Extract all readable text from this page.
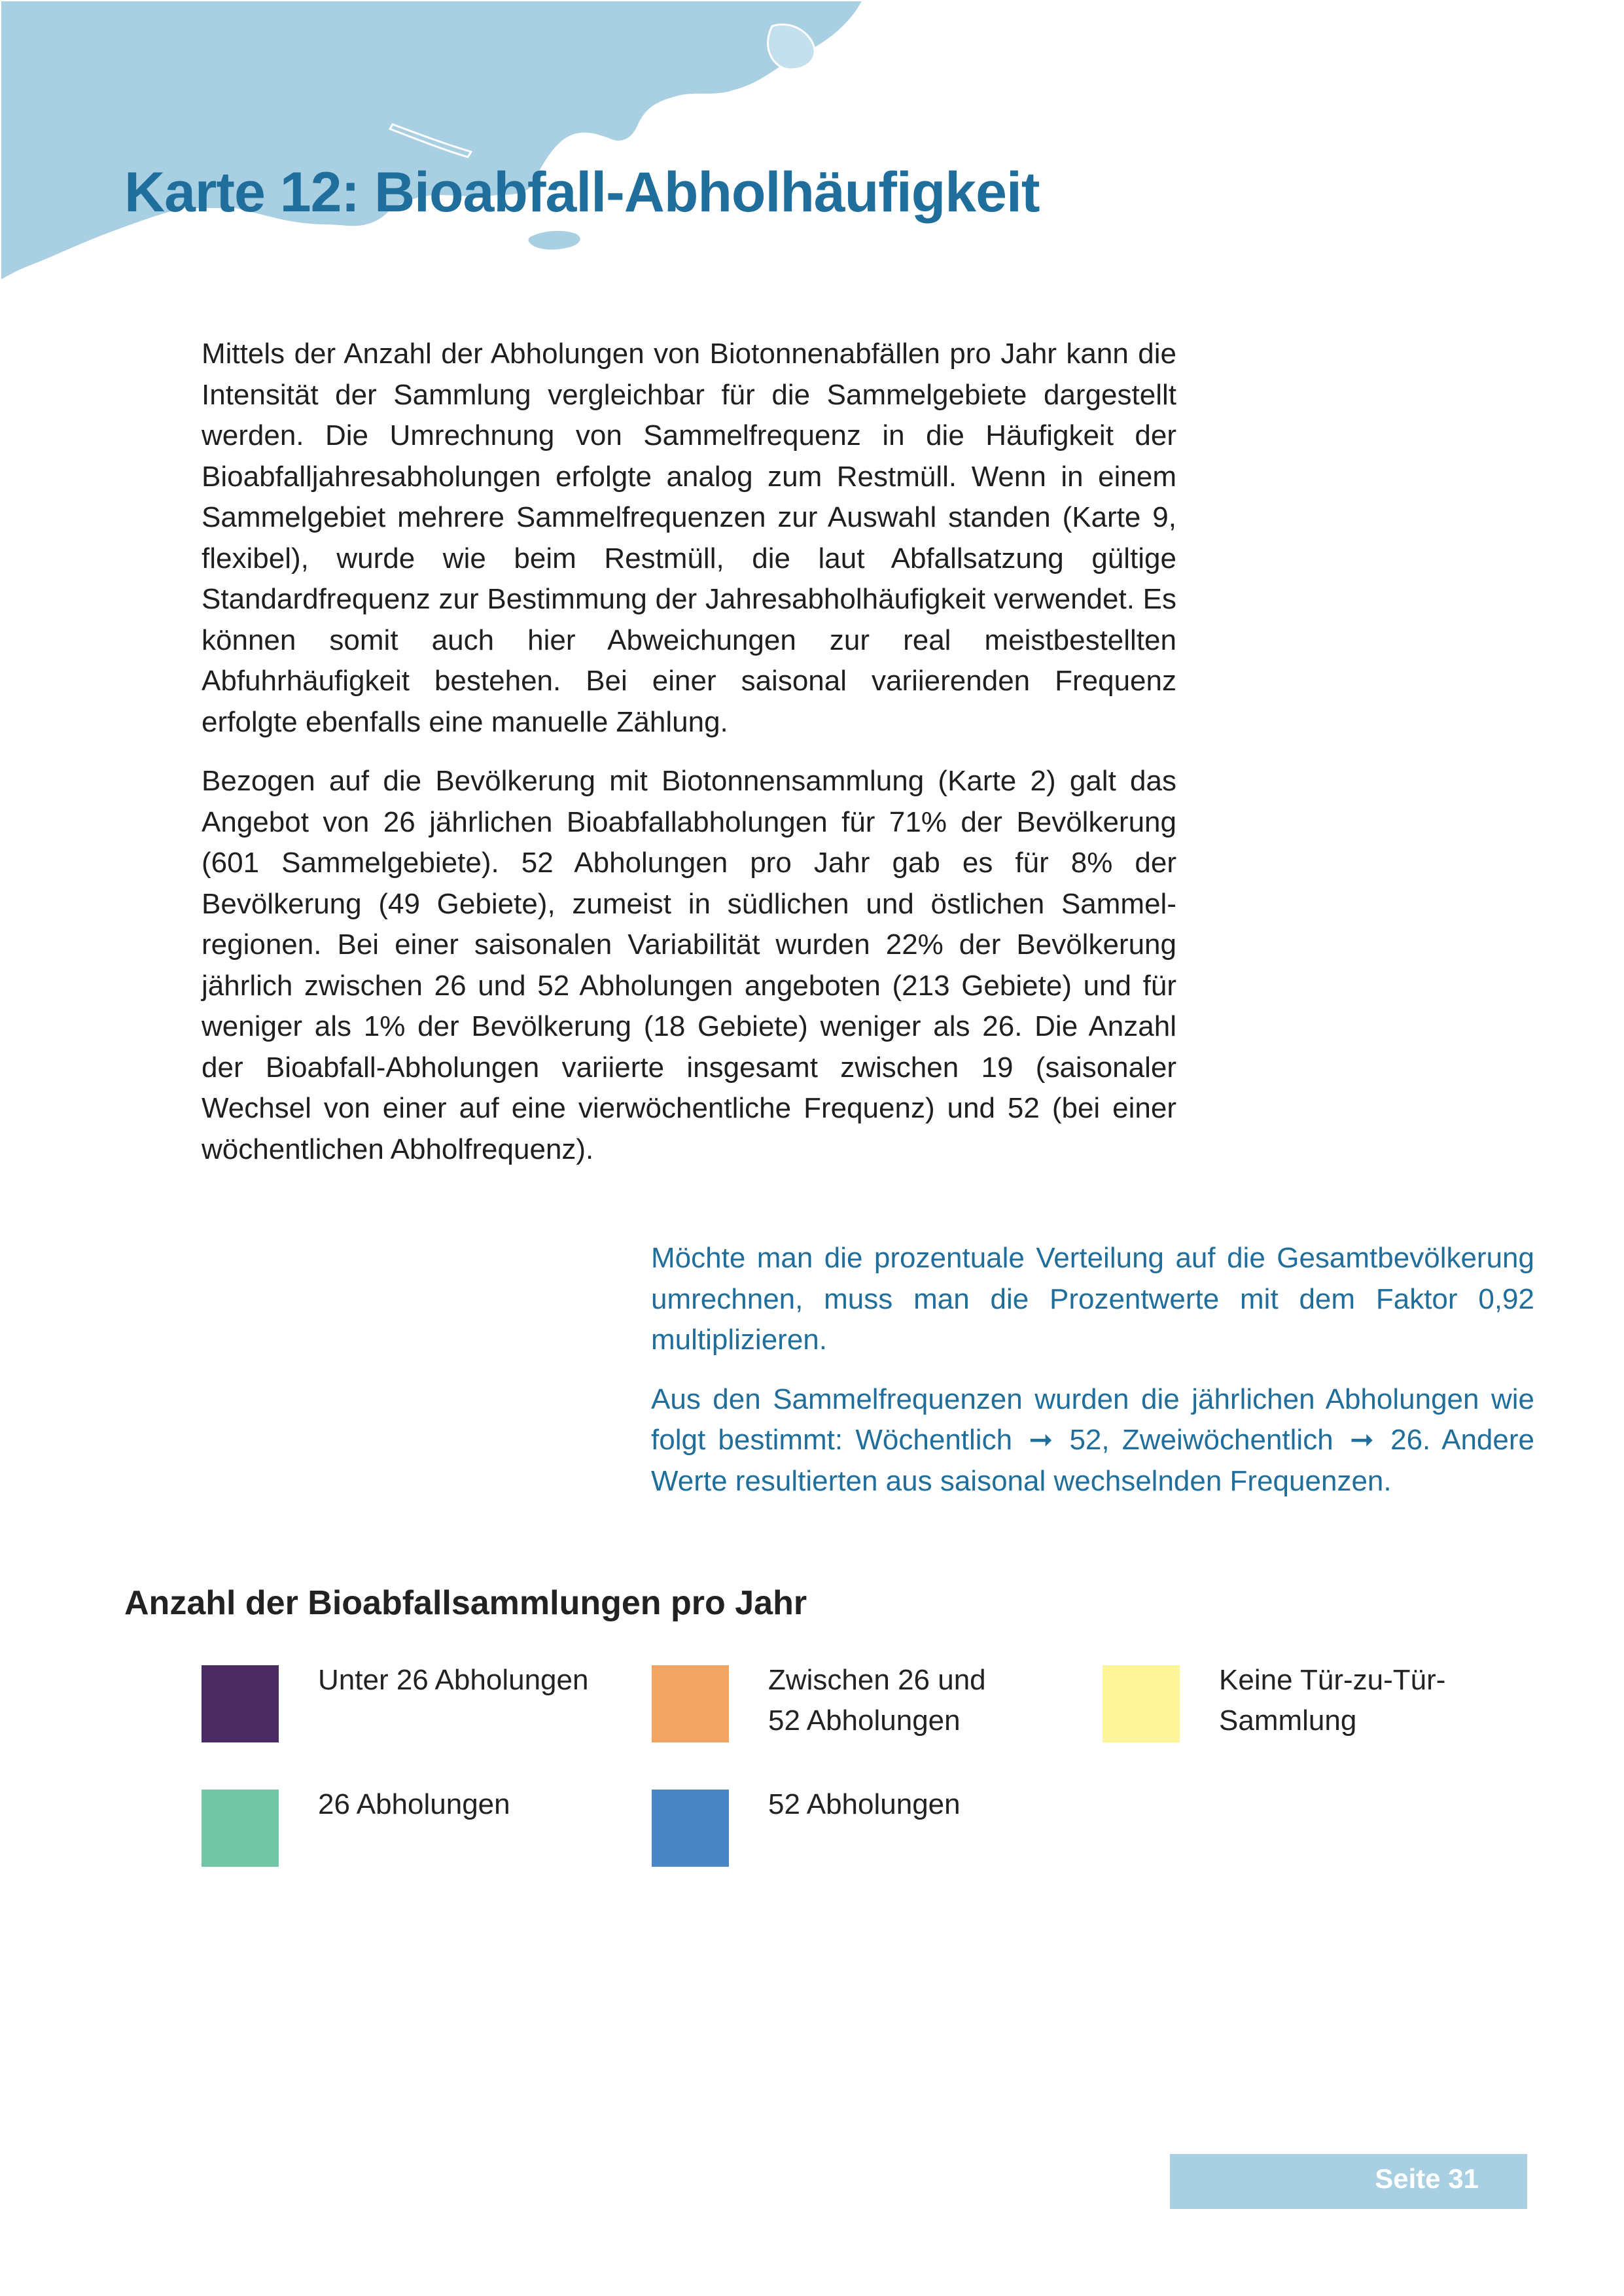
Karte 12: Bioabfall-Abholhäufigkeit

Mittels der Anzahl der Abholungen von Biotonnenabfällen pro Jahr kann die Intensität der Sammlung vergleichbar für die Sammelgebiete dargestellt werden. Die Umrechnung von Sammelfrequenz in die Häufigkeit der Bioabfalljahresabholungen erfolgte analog zum Restmüll. Wenn in einem Sammelgebiet mehrere Sammelfrequenzen zur Auswahl standen (Karte 9, flexibel), wurde wie beim Restmüll, die laut Abfallsatzung gültige Standardfrequenz zur Bestimmung der Jahresabholhäufigkeit verwendet. Es können somit auch hier Abweichungen zur real meistbestellten Abfuhrhäufigkeit bestehen. Bei einer saisonal variierenden Frequenz erfolgte ebenfalls eine manuelle Zählung.

Bezogen auf die Bevölkerung mit Biotonnensammlung (Karte 2) galt das Angebot von 26 jährlichen Bioabfallabholungen für 71% der Bevölkerung (601 Sammelgebiete). 52 Abholungen pro Jahr gab es für 8% der Bevölkerung (49 Gebiete), zumeist in südlichen und östlichen Sammelregionen. Bei einer saisonalen Variabilität wurden 22% der Bevölkerung jährlich zwischen 26 und 52 Abholungen angeboten (213 Gebiete) und für weniger als 1% der Bevölkerung (18 Gebiete) weniger als 26. Die Anzahl der Bioabfall-Abholungen variierte insgesamt zwischen 19 (saisonaler Wechsel von einer auf eine vierwöchentliche Frequenz) und 52 (bei einer wöchentlichen Abholfrequenz).

Möchte man die prozentuale Verteilung auf die Gesamtbevölkerung umrechnen, muss man die Prozentwerte mit dem Faktor 0,92 multiplizieren.

Aus den Sammelfrequenzen wurden die jährlichen Abholungen wie folgt bestimmt: Wöchentlich ➞ 52, Zweiwöchentlich ➞ 26. Andere Werte resultierten aus saisonal wechselnden Frequenzen.

Anzahl der Bioabfallsammlungen pro Jahr
Unter 26 Abholungen	Zwischen 26 und 52 Abholungen
Keine Tür-zu-Tür-Sammlung
26 Abholungen	52 Abholungen
Seite 31
